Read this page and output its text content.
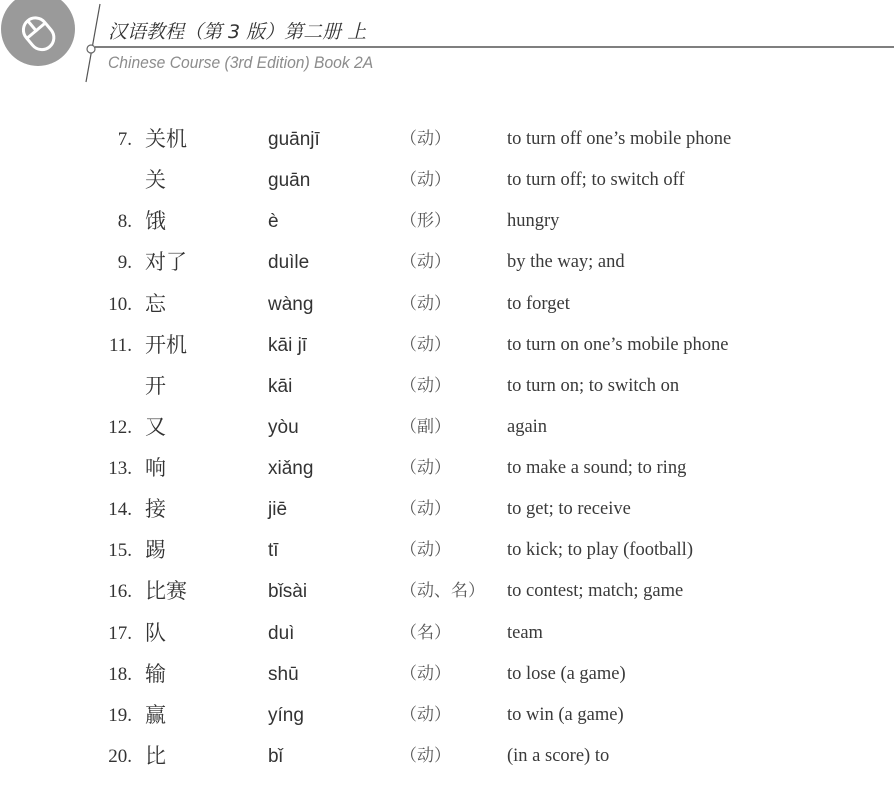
汉语教程（第 3 版）第二册 上
Chinese Course (3rd Edition) Book 2A
7. 关机	guānjī	（动）	to turn off one’s mobile phone
关	guān	（动）	to turn off; to switch off
8. 饿	è	（形）	hungry
9. 对了	duìle	（动）	by the way; and
10. 忘	wàng	（动）	to forget
11. 开机	kāi jī	（动）	to turn on one’s mobile phone
开	kāi	（动）	to turn on; to switch on
12. 又	yòu	（副）	again
13. 响	xiǎng	（动）	to make a sound; to ring
14. 接	jiē	（动）	to get; to receive
15. 踢	tī	（动）	to kick; to play (football)
16. 比赛	bǐsài	（动、名） to contest; match; game
17. 队	duì	（名）	team
18. 输	shū	（动）	to lose (a game)
19. 赢	yíng	（动）	to win (a game)
20. 比	bǐ	（动）	(in a score) to
